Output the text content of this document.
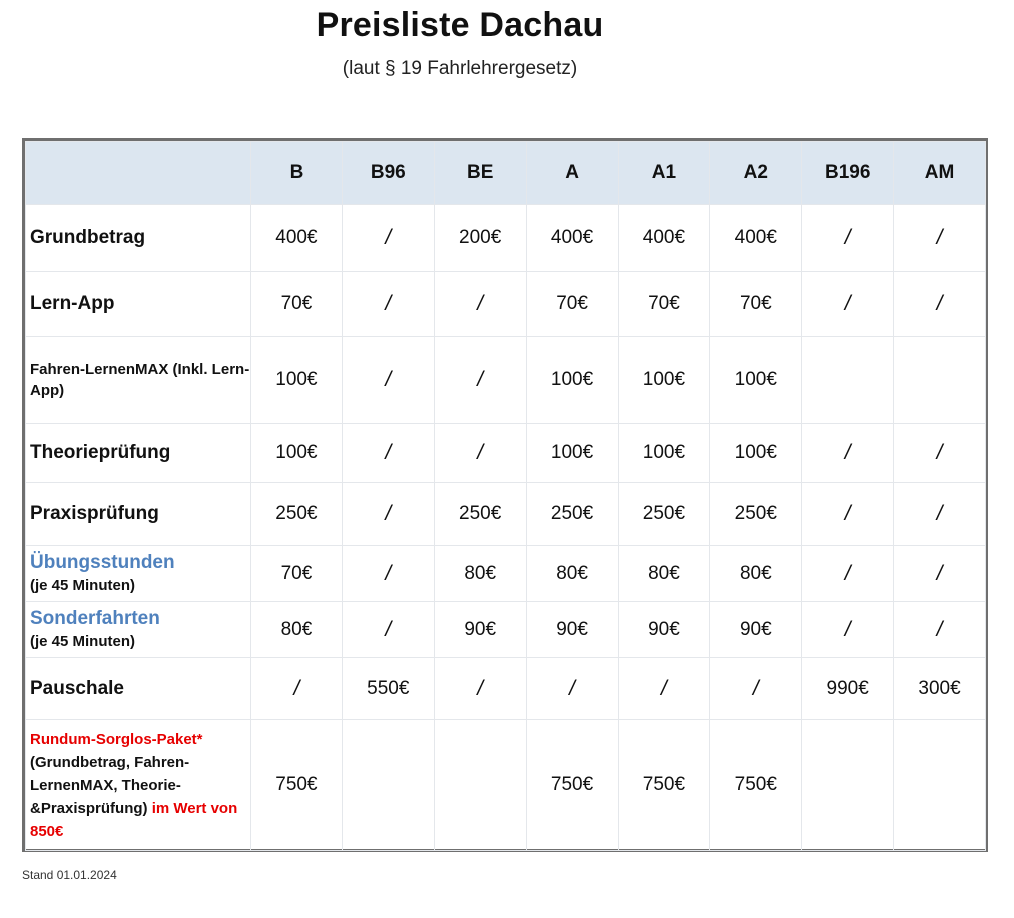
Preisliste Dachau
(laut § 19 Fahrlehrergesetz)
	B	B96	BE	A	A1	A2	B196	AM
Grundbetrag	400€	/	200€	400€	400€	400€	/	/
Lern-App	70€	/	/	70€	70€	70€	/	/

Fahren-LernenMAX (Inkl. Lern-App)	100€	/	/	100€	100€	100€		
Theorieprüfung	100€	/	/	100€	100€	100€	/	/
Praxisprüfung	250€	/	250€	250€	250€	250€	/	/

Übungsstunden
(je 45 Minuten)	70€	/	80€	80€	80€	80€	/	/

Sonderfahrten
(je 45 Minuten)	80€	/	90€	90€	90€	90€	/	/
Pauschale	/	550€	/	/	/	/	990€	300€

Rundum-Sorglos-Paket*
(Grundbetrag, Fahren-LernenMAX, Theorie-&Praxisprüfung) im Wert von 850€	750€			750€	750€	750€		
Stand 01.01.2024
